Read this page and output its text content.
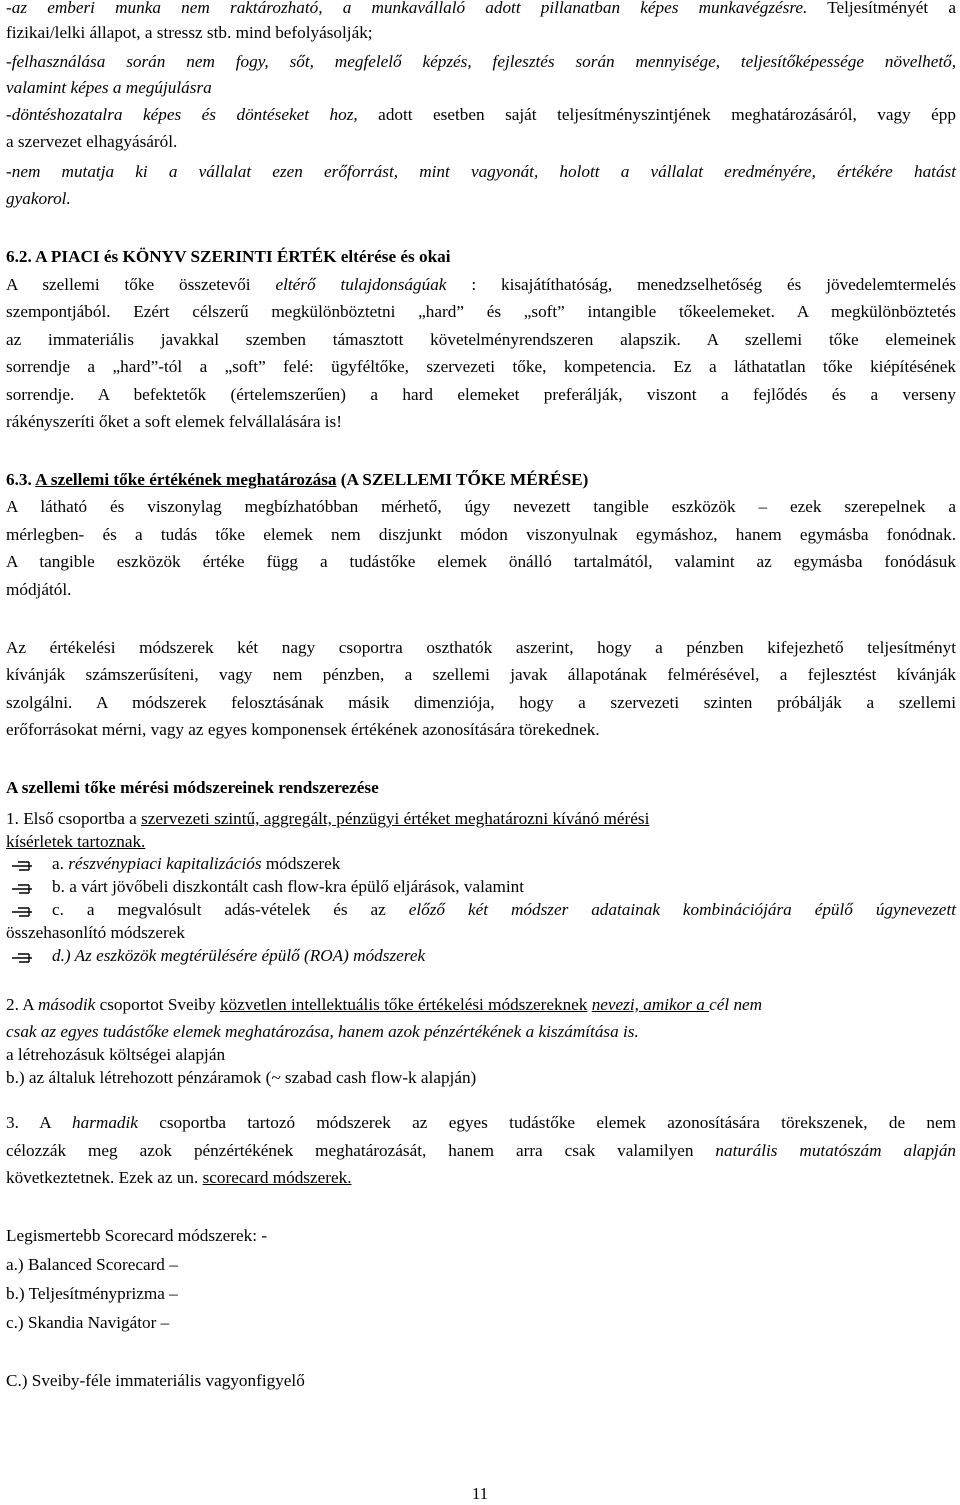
-az emberi munka nem raktározható, a munkavállaló adott pillanatban képes munkavégzésre. Teljesítményét a
fizikai/lelki állapot, a stressz stb. mind befolyásolják;
-felhasználása során nem fogy, sőt, megfelelő képzés, fejlesztés során mennyisége, teljesítőképessége növelhető,
valamint képes a megújulásra
-döntéshozatalra képes és döntéseket hoz, adott esetben saját teljesítményszintjének meghatározásáról, vagy épp
a szervezet elhagyásáról.
-nem mutatja ki a vállalat ezen erőforrást, mint vagyonát, holott a vállalat eredményére, értékére hatást
gyakorol.
6.2. A PIACI és KÖNYV SZERINTI ÉRTÉK eltérése és okai
A szellemi tőke összetevői eltérő tulajdonságúak : kisajátíthatóság, menedzselhetőség és jövedelemtermelés
szempontjából. Ezért célszerű megkülönböztetni „hard” és „soft” intangible tőkeelemeket. A megkülönböztetés
az immateriális javakkal szemben támasztott követelményrendszeren alapszik. A szellemi tőke elemeinek
sorrendje a „hard”-tól a „soft” felé: ügyféltőke, szervezeti tőke, kompetencia. Ez a láthatatlan tőke kiépítésének
sorrendje. A befektetők (értelemszerűen) a hard elemeket preferálják, viszont a fejlődés és a verseny
rákényszeríti őket a soft elemek felvállalására is!
6.3. A szellemi tőke értékének meghatározása (A SZELLEMI TŐKE MÉRÉSE)
A látható és viszonylag megbízhatóbban mérhető, úgy nevezett tangible eszközök – ezek szerepelnek a
mérlegben- és a tudás tőke elemek nem diszjunkt módon viszonyulnak egymáshoz, hanem egymásba fonódnak.
A tangible eszközök értéke függ a tudástőke elemek önálló tartalmától, valamint az egymásba fonódásuk
módjától.
Az értékelési módszerek két nagy csoportra oszthatók aszerint, hogy a pénzben kifejezhető teljesítményt
kívánják számszerűsíteni, vagy nem pénzben, a szellemi javak állapotának felmérésével, a fejlesztést kívánják
szolgálni. A módszerek felosztásának másik dimenziója, hogy a szervezeti szinten próbálják a szellemi
erőforrásokat mérni, vagy az egyes komponensek értékének azonosítására törekednek.
A szellemi tőke mérési módszereinek rendszerezése
1. Első csoportba a szervezeti szintű, aggregált, pénzügyi értéket meghatározni kívánó mérési
kísérletek tartoznak.
a. részvénypiaci kapitalizációs módszerek
b. a várt jövőbeli diszkontált cash flow-kra épülő eljárások, valamint
c. a megvalósult adás-vételek és az előző két módszer adatainak kombinációjára épülő úgynevezett
összehasonlító módszerek
d.) Az eszközök megtérülésére épülő (ROA) módszerek
2. A második csoportot Sveiby közvetlen intellektuális tőke értékelési módszereknek nevezi, amikor a cél nem
csak az egyes tudástőke elemek meghatározása, hanem azok pénzértékének a kiszámítása is.
a létrehozásuk költségei alapján
b.) az általuk létrehozott pénzáramok (~ szabad cash flow-k alapján)
3. A harmadik csoportba tartozó módszerek az egyes tudástőke elemek azonosítására törekszenek, de nem
célozzák meg azok pénzértékének meghatározását, hanem arra csak valamilyen naturális mutatószám alapján
következtetnek. Ezek az un. scorecard módszerek.
Legismertebb Scorecard módszerek: -
a.) Balanced Scorecard –
b.) Teljesítményprizma –
c.) Skandia Navigátor –
C.) Sveiby-féle immateriális vagyonfigyelő
11
